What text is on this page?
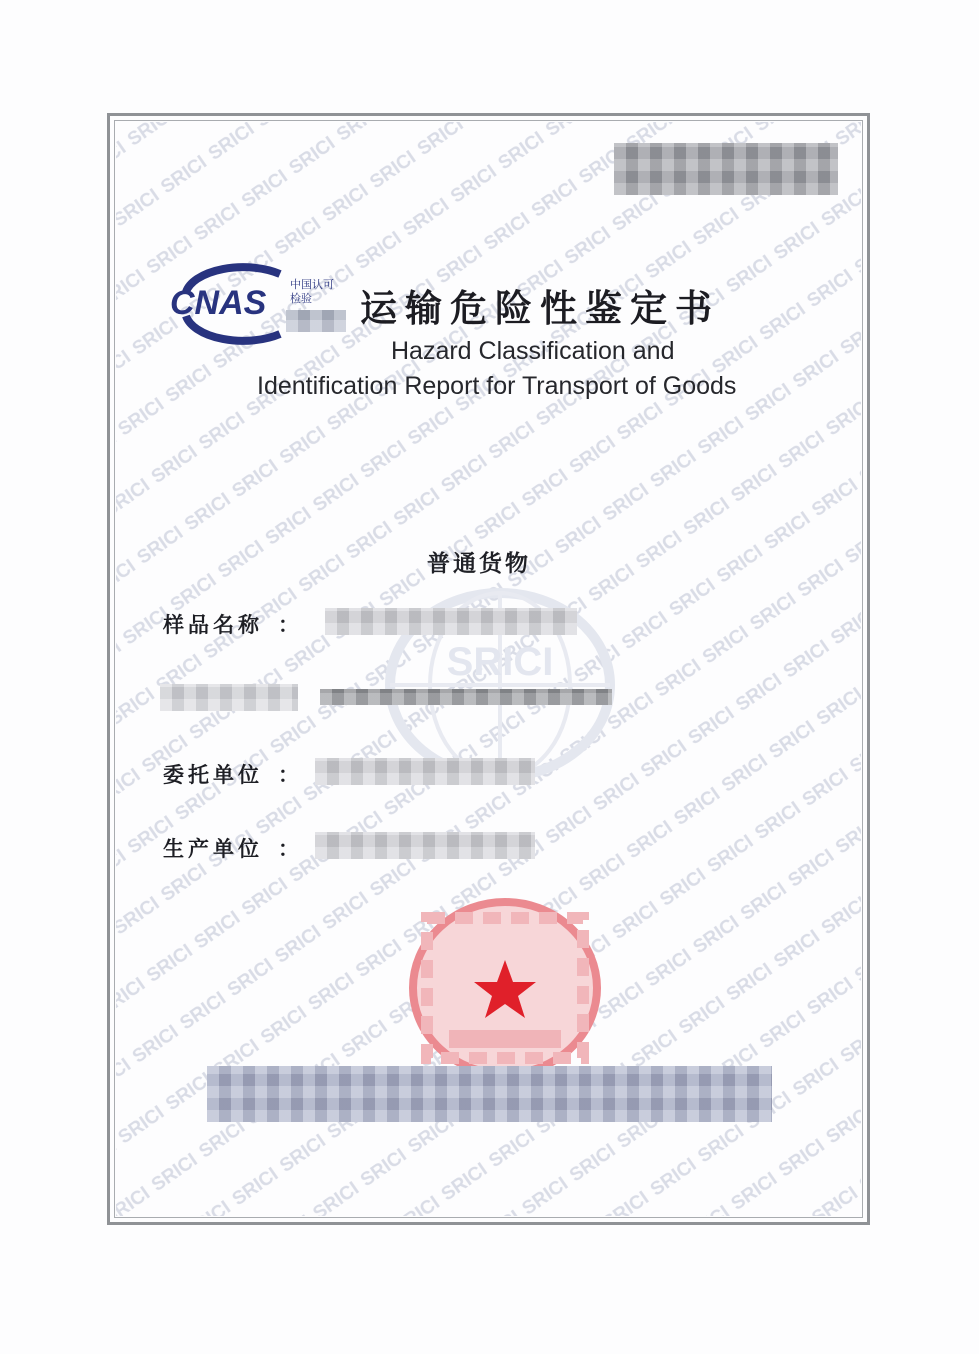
CNAS 中国认可
检验 运输危险性鉴定书
Hazard Classification and
Identification Report for Transport of Goods
SRICI
普通货物
样品名称 ：
委托单位 ：
生产单位 ：
